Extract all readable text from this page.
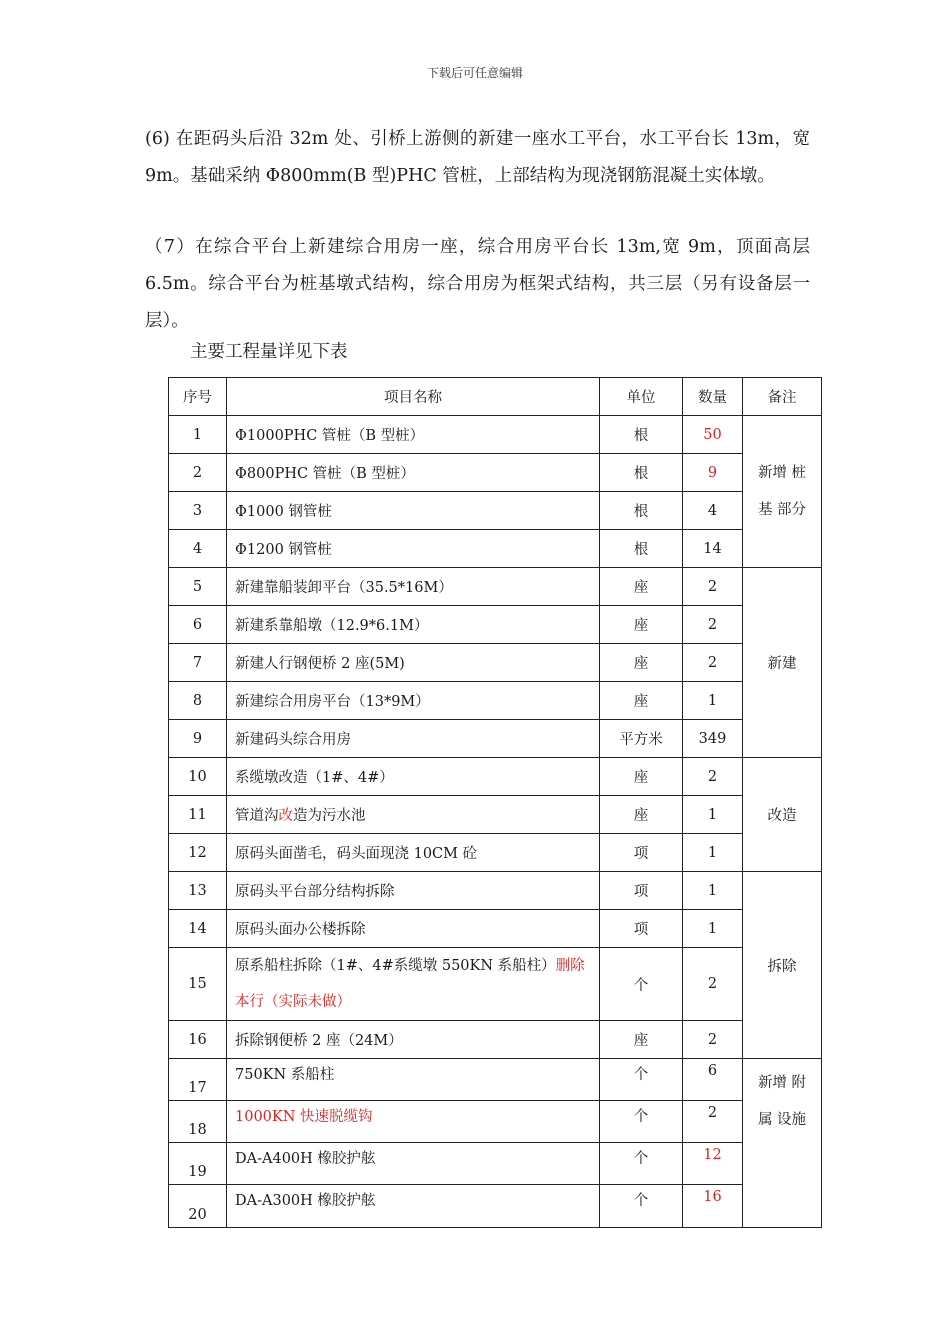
下载后可任意编辑

(6) 在距码头后沿 32m 处、引桥上游侧的新建一座水工平台，水工平台长 13m，宽 9m。基础采纳 Φ800mm(B 型)PHC 管桩，上部结构为现浇钢筋混凝土实体墩。

（7）在综合平台上新建综合用房一座，综合用房平台长 13m,宽 9m，顶面高层 6.5m。综合平台为桩基墩式结构，综合用房为框架式结构，共三层（另有设备层一层）。

主要工程量详见下表

序号	项目名称	单位	数量	备注
1	Φ1000PHC 管桩（B 型桩）	根	50	新增 桩
基 部分

2	Φ800PHC 管桩（B 型桩）	根	9	
3	Φ1000 钢管桩	根	4	
4	Φ1200 钢管桩	根	14	
5	新建靠船装卸平台（35.5*16M）	座	2	新建
6	新建系靠船墩（12.9*6.1M）	座	2	
7	新建人行钢便桥 2 座(5M)	座	2	
8	新建综合用房平台（13*9M）	座	1	
9	新建码头综合用房	平方米	349	
10	系缆墩改造（1#、4#）	座	2	改造
11	管道沟改造为污水池	座	1	
12	原码头面凿毛，码头面现浇 10CM 砼	项	1	
13	原码头平台部分结构拆除	项	1	拆除
14	原码头面办公楼拆除	项	1	
15	原系船柱拆除（1#、4#系缆墩 550KN 系船柱）删除本行（实际未做）	个	2	
16	拆除钢便桥 2 座（24M）	座	2	
17	750KN 系船柱	个	6	新增 附
属 设施

18	1000KN 快速脱缆钩	个	2	
19	DA-A400H 橡胶护舷	个	12	
20	DA-A300H 橡胶护舷	个	16	
